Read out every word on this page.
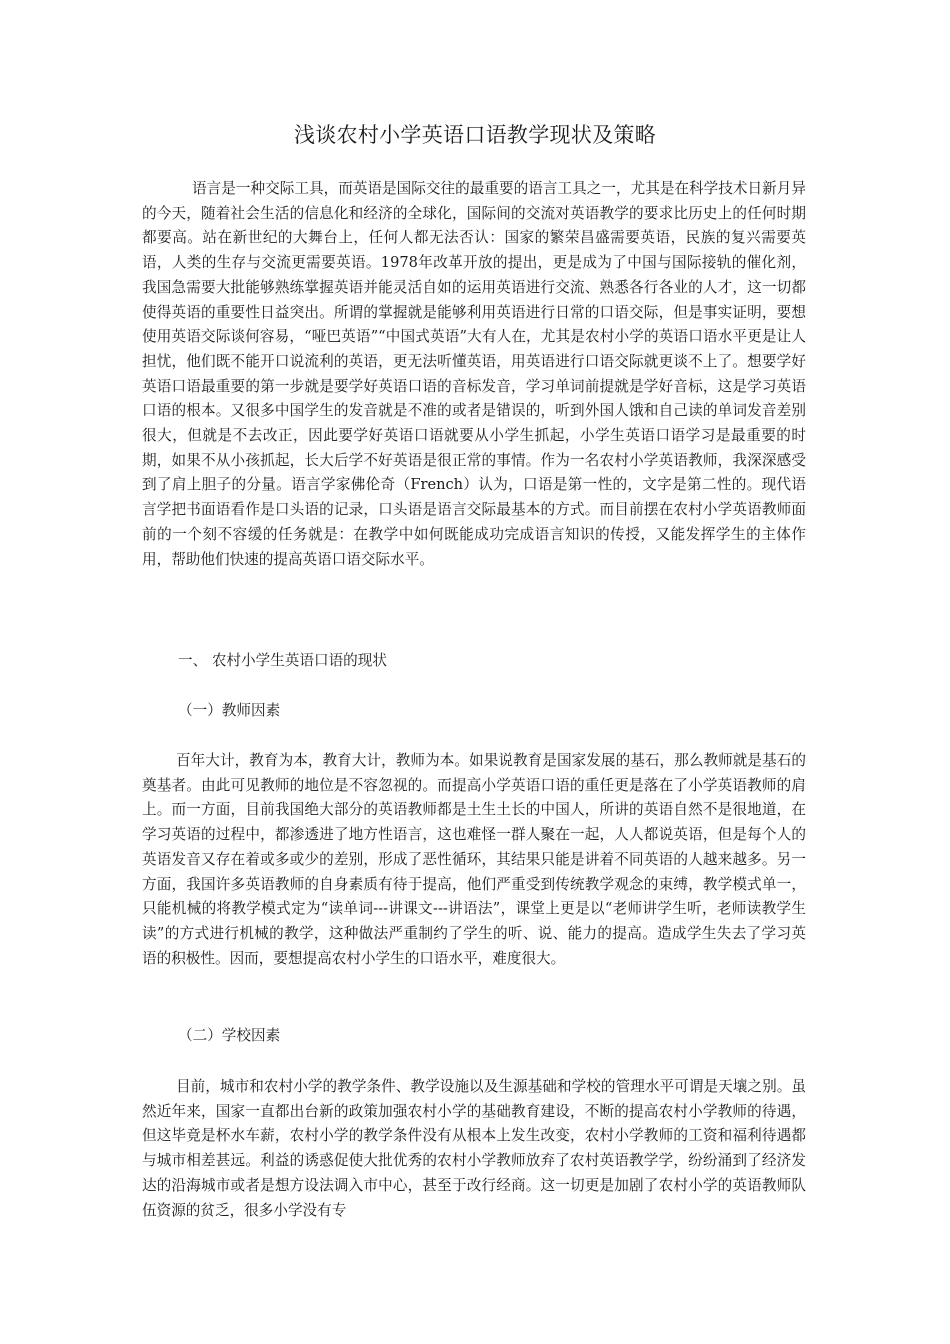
浅谈农村小学英语口语教学现状及策略

语言是一种交际工具，而英语是国际交往的最重要的语言工具之一，尤其是在科学技术日新月异的今天，随着社会生活的信息化和经济的全球化，国际间的交流对英语教学的要求比历史上的任何时期都要高。站在新世纪的大舞台上，任何人都无法否认：国家的繁荣昌盛需要英语，民族的复兴需要英语，人类的生存与交流更需要英语。1978年改革开放的提出，更是成为了中国与国际接轨的催化剂，我国急需要大批能够熟练掌握英语并能灵活自如的运用英语进行交流、熟悉各行各业的人才，这一切都使得英语的重要性日益突出。所谓的掌握就是能够利用英语进行日常的口语交际，但是事实证明，要想使用英语交际谈何容易，“哑巴英语”“中国式英语”大有人在，尤其是农村小学的英语口语水平更是让人担忧，他们既不能开口说流利的英语，更无法听懂英语，用英语进行口语交际就更谈不上了。想要学好英语口语最重要的第一步就是要学好英语口语的音标发音，学习单词前提就是学好音标，这是学习英语口语的根本。又很多中国学生的发音就是不准的或者是错误的，听到外国人饿和自己读的单词发音差别很大，但就是不去改正，因此要学好英语口语就要从小学生抓起，小学生英语口语学习是最重要的时期，如果不从小孩抓起，长大后学不好英语是很正常的事情。作为一名农村小学英语教师，我深深感受到了肩上胆子的分量。语言学家佛伦奇（French）认为，口语是第一性的，文字是第二性的。现代语言学把书面语看作是口头语的记录，口头语是语言交际最基本的方式。而目前摆在农村小学英语教师面前的一个刻不容缓的任务就是：在教学中如何既能成功完成语言知识的传授，又能发挥学生的主体作用，帮助他们快速的提高英语口语交际水平。

一、 农村小学生英语口语的现状

（一）教师因素

百年大计，教育为本，教育大计，教师为本。如果说教育是国家发展的基石，那么教师就是基石的奠基者。由此可见教师的地位是不容忽视的。而提高小学英语口语的重任更是落在了小学英语教师的肩上。而一方面，目前我国绝大部分的英语教师都是土生土长的中国人，所讲的英语自然不是很地道，在学习英语的过程中，都渗透进了地方性语言，这也难怪一群人聚在一起，人人都说英语，但是每个人的英语发音又存在着或多或少的差别，形成了恶性循环，其结果只能是讲着不同英语的人越来越多。另一方面，我国许多英语教师的自身素质有待于提高，他们严重受到传统教学观念的束缚，教学模式单一，只能机械的将教学模式定为“读单词---讲课文---讲语法”，课堂上更是以“老师讲学生听，老师读教学生读”的方式进行机械的教学，这种做法严重制约了学生的听、说、能力的提高。造成学生失去了学习英语的积极性。因而，要想提高农村小学生的口语水平，难度很大。

（二）学校因素

目前，城市和农村小学的教学条件、教学设施以及生源基础和学校的管理水平可谓是天壤之别。虽然近年来，国家一直都出台新的政策加强农村小学的基础教育建设，不断的提高农村小学教师的待遇，但这毕竟是杯水车薪，农村小学的教学条件没有从根本上发生改变，农村小学教师的工资和福利待遇都与城市相差甚远。利益的诱惑促使大批优秀的农村小学教师放弃了农村英语教学学，纷纷涌到了经济发达的沿海城市或者是想方设法调入市中心，甚至于改行经商。这一切更是加剧了农村小学的英语教师队伍资源的贫乏，很多小学没有专
